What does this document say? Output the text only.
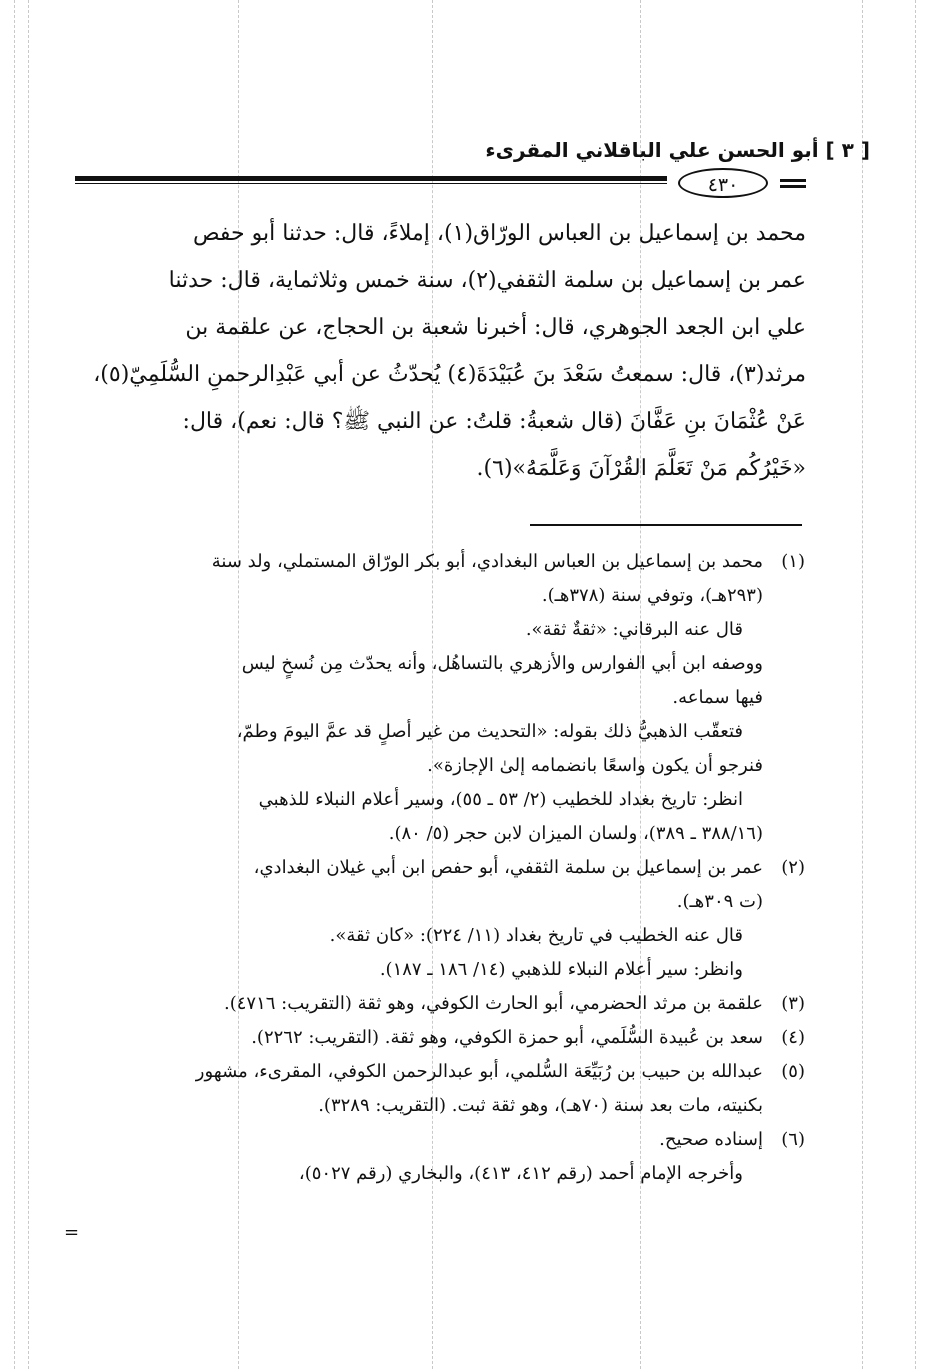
[ ٣ ] أبو الحسن علي الباقلاني المقرىء
٤٣٠
محمد بن إسماعيل بن العباس الورّاق(١)، إملاءً، قال: حدثنا أبو حفص
عمر بن إسماعيل بن سلمة الثقفي(٢)، سنة خمس وثلاثماية، قال: حدثنا
علي ابن الجعد الجوهري، قال: أخبرنا شعبة بن الحجاج، عن علقمة بن
مرثد(٣)، قال: سمعتُ سَعْدَ بنَ عُبَيْدَةَ(٤) يُحدّثُ عن أبي عَبْدِالرحمنِ السُّلَمِيّ(٥)،
عَنْ عُثْمَانَ بنِ عَفَّانَ (قال شعبةُ: قلتُ: عن النبي ﷺ؟ قال: نعم)، قال:
«خَيْرُكُم مَنْ تَعَلَّمَ القُرْآنَ وَعَلَّمَهُ»(٦).
(١)محمد بن إسماعيل بن العباس البغدادي، أبو بكر الورّاق المستملي، ولد سنة
(٢٩٣هـ)، وتوفي سنة (٣٧٨هـ).
قال عنه البرقاني: «ثقةٌ ثقة».
ووصفه ابن أبي الفوارس والأزهري بالتساهُل، وأنه يحدّث مِن نُسخٍ ليس
فيها سماعه.
فتعقّب الذهبيُّ ذلك بقوله: «التحديث من غير أصلٍ قد عمَّ اليومَ وطمّ،
فنرجو أن يكون واسعًا بانضمامه إلىٰ الإجازة».
انظر: تاريخ بغداد للخطيب (٢/ ٥٣ ـ ٥٥)، وسير أعلام النبلاء للذهبي
(٣٨٨/١٦ ـ ٣٨٩)، ولسان الميزان لابن حجر (٥/ ٨٠).
(٢)عمر بن إسماعيل بن سلمة الثقفي، أبو حفص ابن أبي غيلان البغدادي،
(ت ٣٠٩هـ).
قال عنه الخطيب في تاريخ بغداد (١١/ ٢٢٤): «كان ثقة».
وانظر: سير أعلام النبلاء للذهبي (١٤/ ١٨٦ ـ ١٨٧).
(٣)علقمة بن مرثد الحضرمي، أبو الحارث الكوفي، وهو ثقة (التقريب: ٤٧١٦).
(٤)سعد بن عُبيدة السُّلَمي، أبو حمزة الكوفي، وهو ثقة. (التقريب: ٢٢٦٢).
(٥)عبدالله بن حبيب بن رُبَيِّعَة السُّلمي، أبو عبدالرحمن الكوفي، المقرىء، مشهور
بكنيته، مات بعد سنة (٧٠هـ)، وهو ثقة ثبت. (التقريب: ٣٢٨٩).
(٦)إسناده صحيح.
وأخرجه الإمام أحمد (رقم ٤١٢، ٤١٣)، والبخاري (رقم ٥٠٢٧)،
=
